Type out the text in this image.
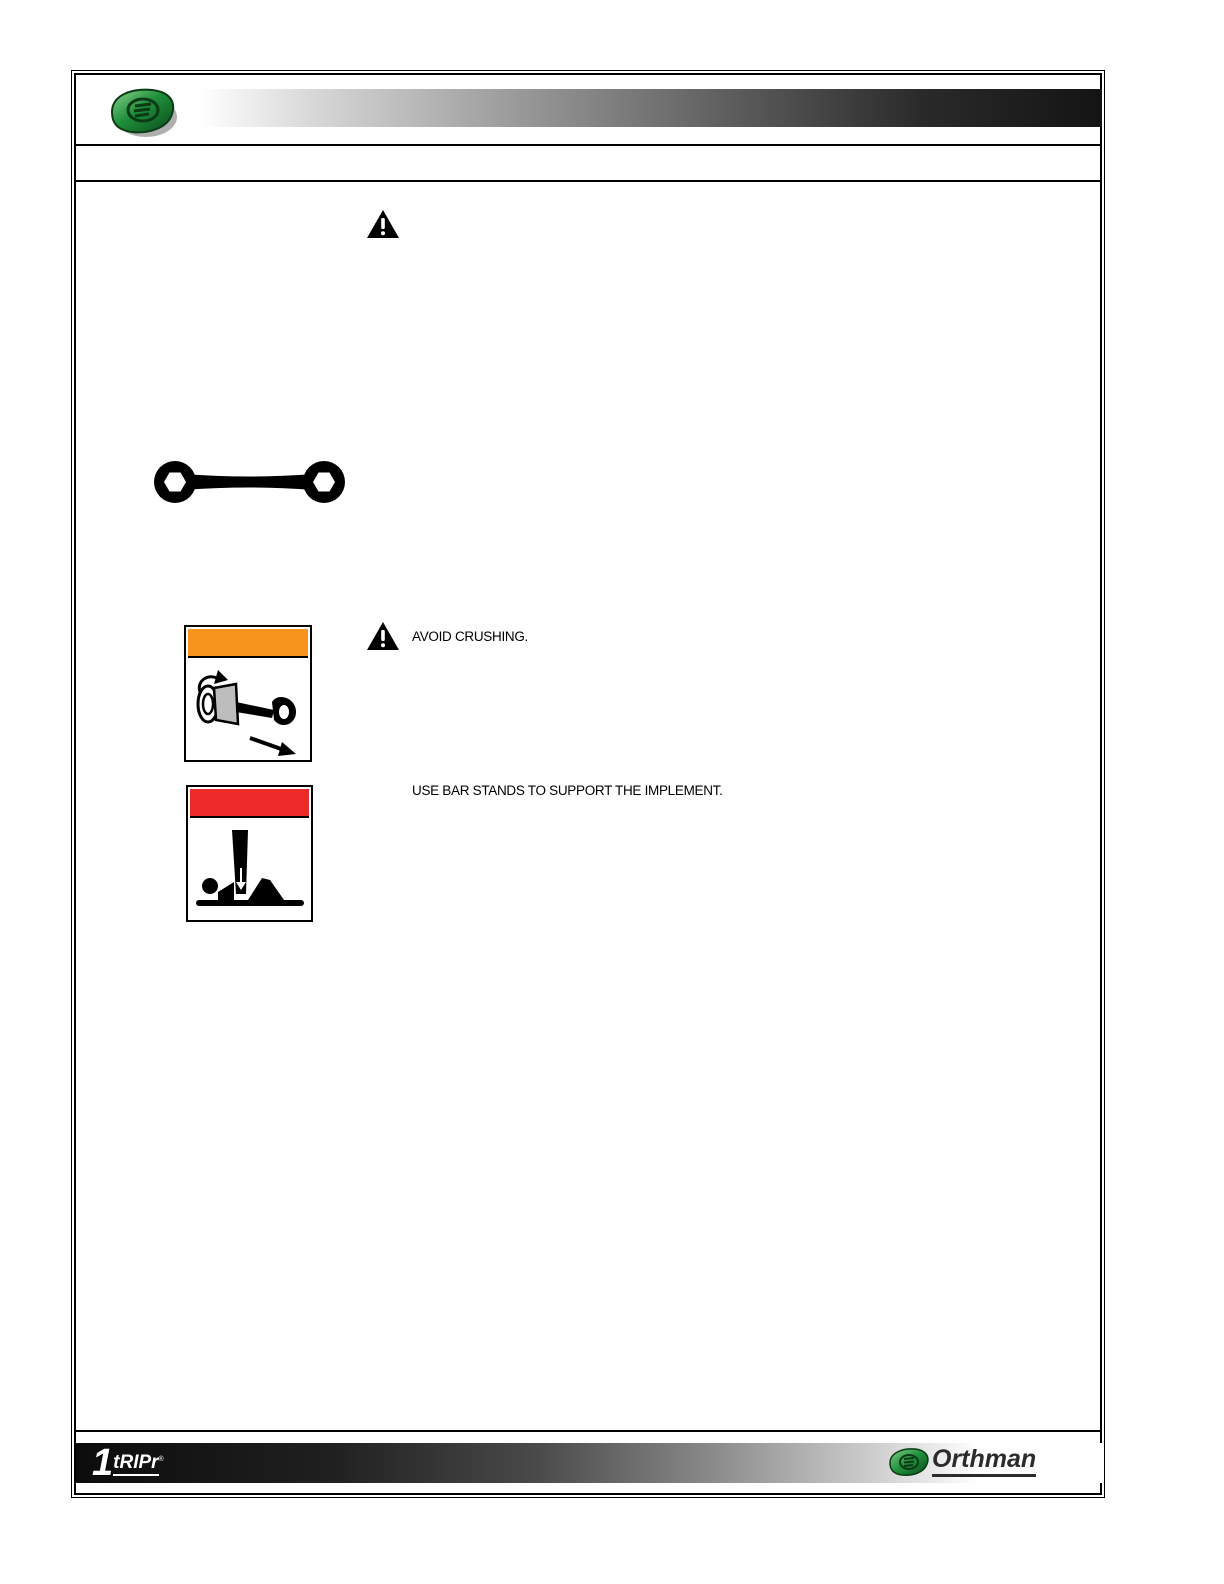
AVOID CRUSHING.
USE BAR STANDS TO SUPPORT THE IMPLEMENT.
1 tRIPr ®	Orthman
